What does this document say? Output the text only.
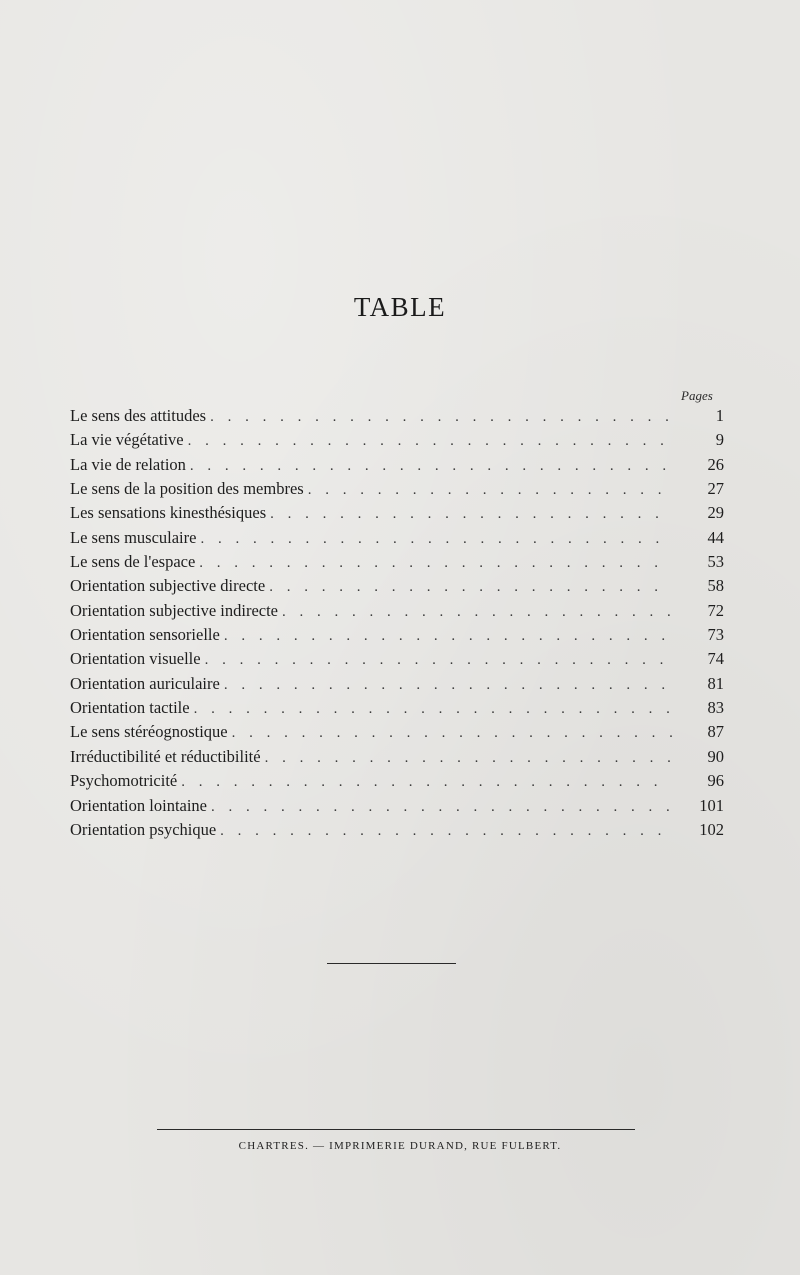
TABLE
Pages
Le sens des attitudes . . .	1
La vie végétative . . .	9
La vie de relation . . .	26
Le sens de la position des membres . . .	27
Les sensations kinesthésiques . . .	29
Le sens musculaire . . .	44
Le sens de l'espace . . .	53
Orientation subjective directe . . .	58
Orientation subjective indirecte . . .	72
Orientation sensorielle . . .	73
Orientation visuelle . . .	74
Orientation auriculaire . . .	81
Orientation tactile . . .	83
Le sens stéréognostique . . .	87
Irréductibilité et réductibilité . . .	90
Psychomotricité . . .	96
Orientation lointaine . . .	101
Orientation psychique . . .	102
CHARTRES. — IMPRIMERIE DURAND, RUE FULBERT.
